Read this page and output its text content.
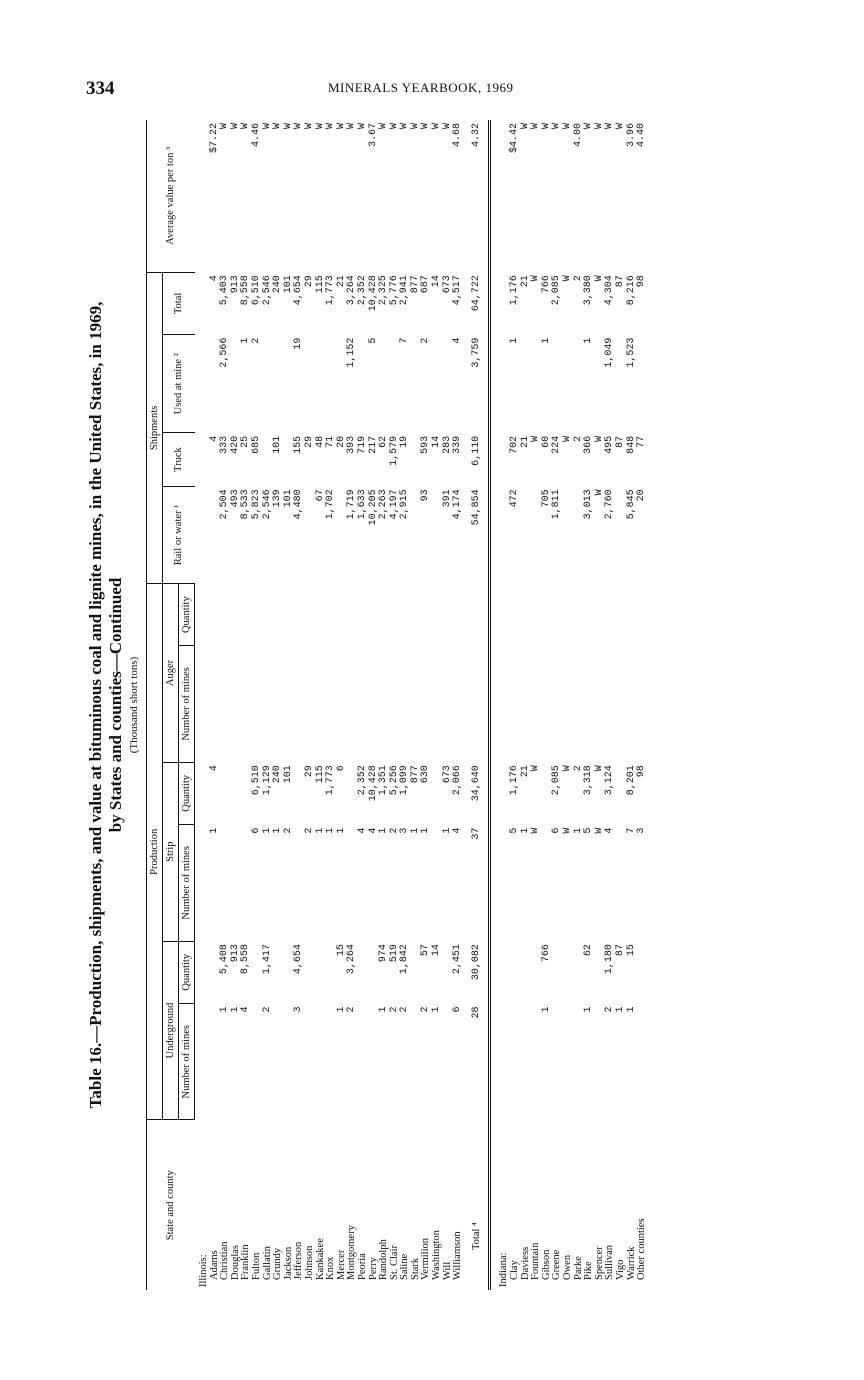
334	MINERALS YEARBOOK, 1969
Table 16.—Production, shipments, and value at bituminous coal and lignite mines, in the United States, in 1969, by States and counties—Continued (Thousand short tons)
State and county	Production						Shipments				Average value per ton ³
	Underground		Strip		Auger		Rail or water ¹	Truck	Used at mine ²	Total	
	Number of mines	Quantity	Number of mines	Quantity	Number of mines	Quantity					
Illinois:											
Adams			1	4				4		4	$7.22
Christian	1	5,408					2,504	333	2,566	5,403	W
Douglas	1	913					493	420		913	W
Franklin	4	8,558					8,533	25	1	8,558	W
Fulton			6	6,510			5,823	685	2	6,510	4.46
Gallatin	2	1,417	1	1,129			2,546			2,546	W
Grundy			1	240			139	101		240	W
Jackson			2	101			101			101	W
Jefferson	3	4,654					4,480	155	19	4,654	W
Johnson			2	29				29		29	W
Kankakee			1	115			67	48		115	W
Knox			1	1,773			1,702	71		1,773	W
Mercer	1	15	1	6				20		21	W
Montgomery	2	3,264					1,719	393	1,152	3,264	W
Peoria			4	2,352			1,633	719		2,352	W
Perry			4	10,428			10,205	217	5	10,428	3.67
Randolph	1	974	1	1,351			2,263	62		2,325	W
St. Clair	2	519	2	5,256			4,197	1,579		5,776	W
Saline	2	1,842	3	1,099			2,915	19	7	2,941	W
Stark			1	877						877	W
Vermilion	2	57	1	630			93	593	2	687	W
Washington	1	14						14		14	W
Will			1	673			391	283		673	W
Williamson	6	2,451	4	2,066			4,174	339	4	4,517	4.68
Total ⁴	28	30,082	37	34,640			54,854	6,110	3,759	64,722	4.32
Indiana:											
Clay			5	1,176			472	702	1	1,176	$4.42
Daviess			1	21				21		21	W
Fountain			W	W				W		W	W
Gibson	1	766					705	60	1	766	W
Greene			6	2,085			1,811	224		2,085	W
Owen			W	W				W		W	W
Parke			1	2				2		2	4.00
Pike	1	62	5	3,318			3,013	366	1	3,380	W
Spencer			W	W			W	W		W	W
Sullivan	2	1,180	4	3,124			2,760	495	1,049	4,304	W
Vigo	1	87						87		87	W
Warrick	1	15	7	8,201			5,845	848	1,523	8,216	3.96
Other counties			3	98			20	77		98	4.40
